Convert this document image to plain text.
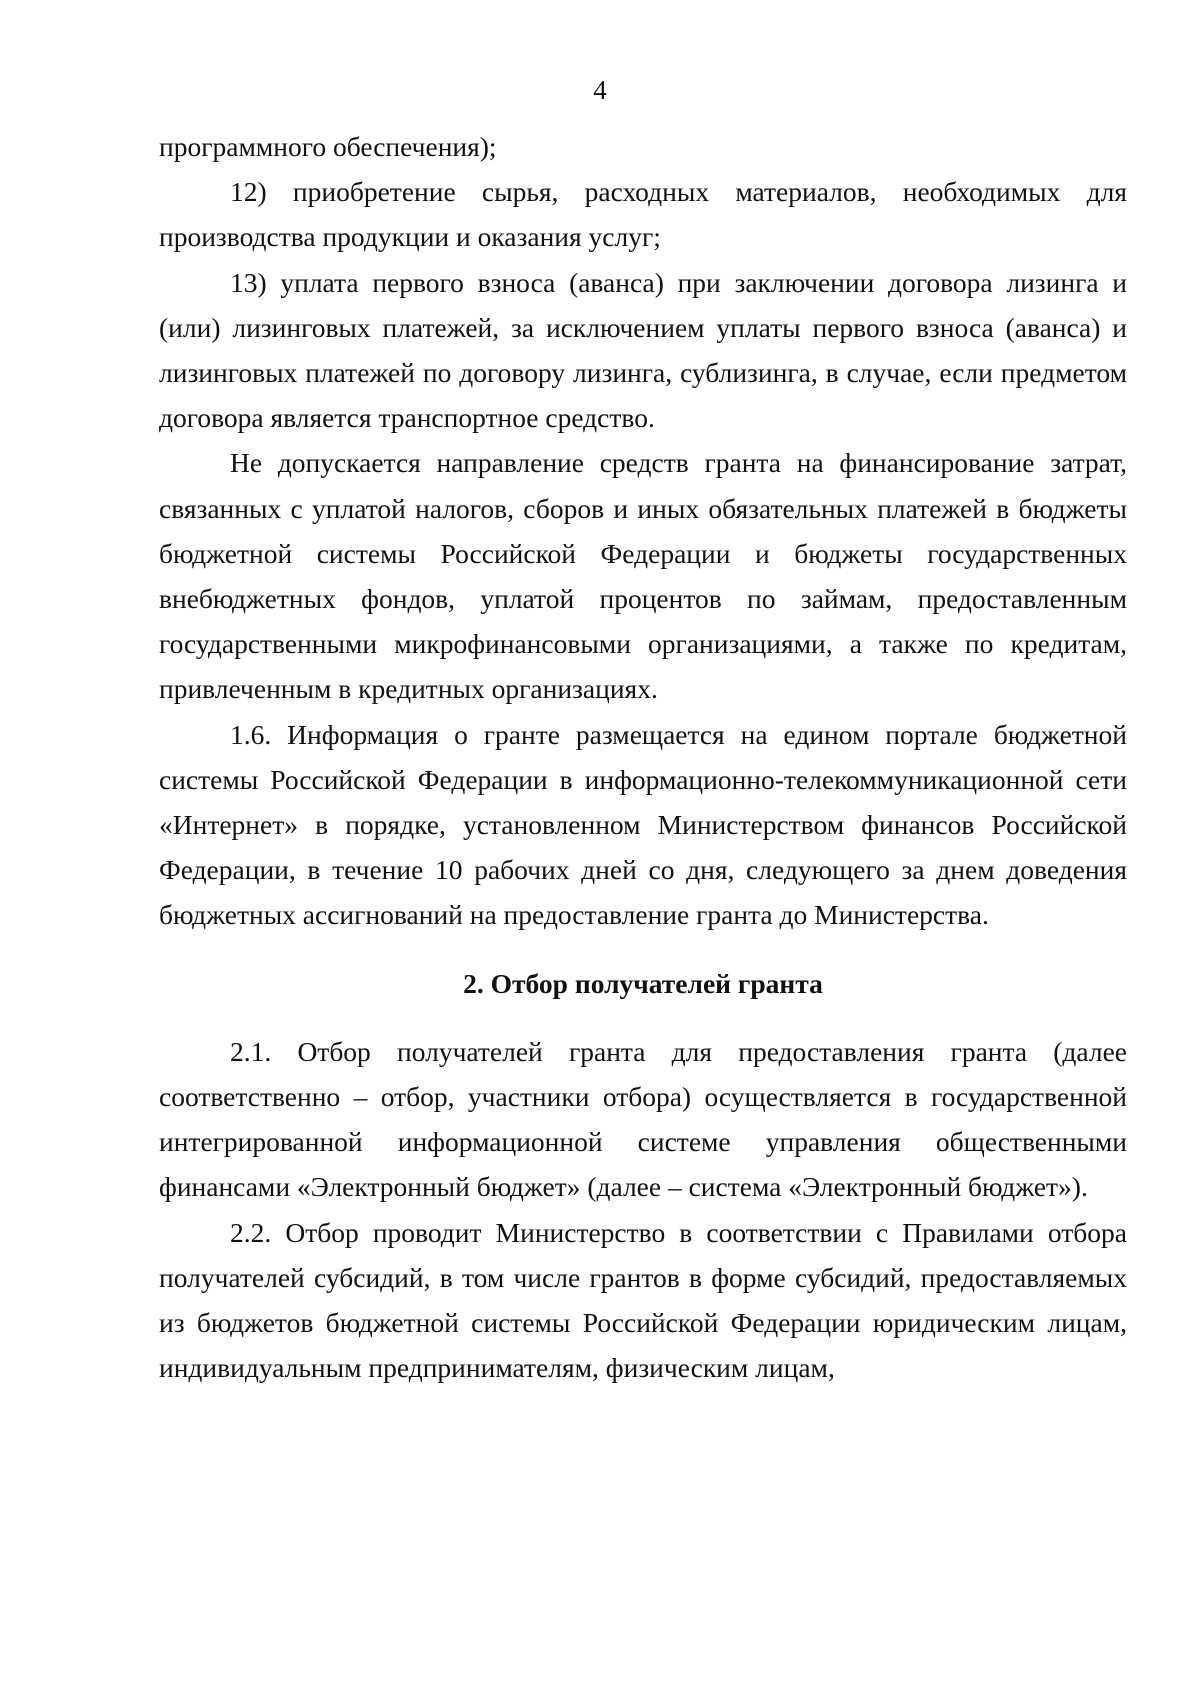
4

программного обеспечения);

12) приобретение сырья, расходных материалов, необходимых для производства продукции и оказания услуг;

13) уплата первого взноса (аванса) при заключении договора лизинга и (или) лизинговых платежей, за исключением уплаты первого взноса (аванса) и лизинговых платежей по договору лизинга, сублизинга, в случае, если предметом договора является транспортное средство.

Не допускается направление средств гранта на финансирование затрат, связанных с уплатой налогов, сборов и иных обязательных платежей в бюджеты бюджетной системы Российской Федерации и бюджеты государственных внебюджетных фондов, уплатой процентов по займам, предоставленным государственными микрофинансовыми организациями, а также по кредитам, привлеченным в кредитных организациях.

1.6. Информация о гранте размещается на едином портале бюджетной системы Российской Федерации в информационно-телекоммуникационной сети «Интернет» в порядке, установленном Министерством финансов Российской Федерации, в течение 10 рабочих дней со дня, следующего за днем доведения бюджетных ассигнований на предоставление гранта до Министерства.

2. Отбор получателей гранта

2.1. Отбор получателей гранта для предоставления гранта (далее соответственно – отбор, участники отбора) осуществляется в государственной интегрированной информационной системе управления общественными финансами «Электронный бюджет» (далее – система «Электронный бюджет»).

2.2. Отбор проводит Министерство в соответствии с Правилами отбора получателей субсидий, в том числе грантов в форме субсидий, предоставляемых из бюджетов бюджетной системы Российской Федерации юридическим лицам, индивидуальным предпринимателям, физическим лицам,
